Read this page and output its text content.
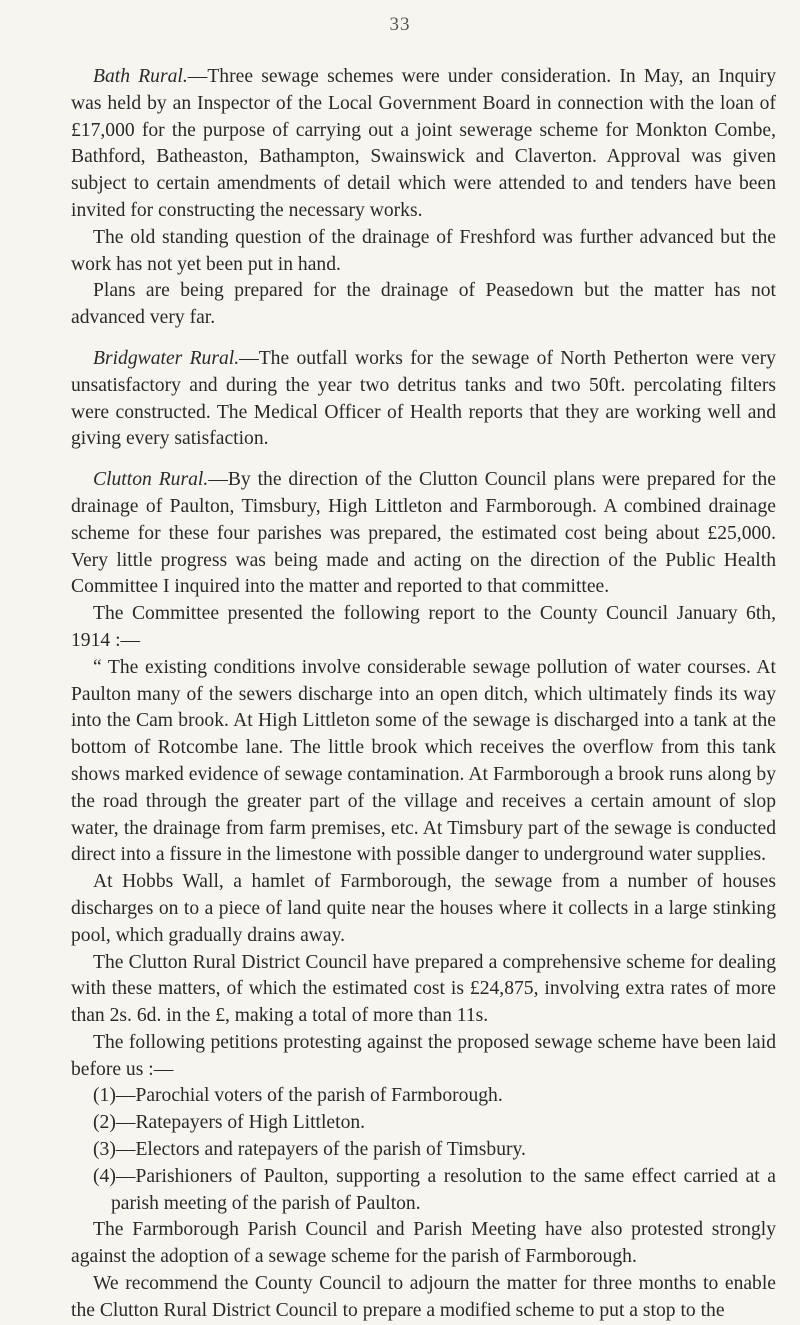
33

Bath Rural.—Three sewage schemes were under consideration. In May, an Inquiry was held by an Inspector of the Local Government Board in connection with the loan of £17,000 for the purpose of carrying out a joint sewerage scheme for Monkton Combe, Bathford, Batheaston, Bathampton, Swainswick and Claverton. Approval was given subject to certain amendments of detail which were attended to and tenders have been invited for constructing the necessary works.

The old standing question of the drainage of Freshford was further advanced but the work has not yet been put in hand.

Plans are being prepared for the drainage of Peasedown but the matter has not advanced very far.

Bridgwater Rural.—The outfall works for the sewage of North Petherton were very unsatisfactory and during the year two detritus tanks and two 50ft. percolating filters were constructed. The Medical Officer of Health reports that they are working well and giving every satisfaction.

Clutton Rural.—By the direction of the Clutton Council plans were prepared for the drainage of Paulton, Timsbury, High Littleton and Farmborough. A combined drainage scheme for these four parishes was prepared, the estimated cost being about £25,000. Very little progress was being made and acting on the direction of the Public Health Committee I inquired into the matter and reported to that committee.

The Committee presented the following report to the County Council January 6th, 1914 :—

“ The existing conditions involve considerable sewage pollution of water courses. At Paulton many of the sewers discharge into an open ditch, which ultimately finds its way into the Cam brook. At High Littleton some of the sewage is discharged into a tank at the bottom of Rotcombe lane. The little brook which receives the overflow from this tank shows marked evidence of sewage contamination. At Farmborough a brook runs along by the road through the greater part of the village and receives a certain amount of slop water, the drainage from farm premises, etc. At Timsbury part of the sewage is conducted direct into a fissure in the limestone with possible danger to underground water supplies.

At Hobbs Wall, a hamlet of Farmborough, the sewage from a number of houses discharges on to a piece of land quite near the houses where it collects in a large stinking pool, which gradually drains away.

The Clutton Rural District Council have prepared a comprehensive scheme for dealing with these matters, of which the estimated cost is £24,875, involving extra rates of more than 2s. 6d. in the £, making a total of more than 11s.

The following petitions protesting against the proposed sewage scheme have been laid before us :—

(1)—Parochial voters of the parish of Farmborough.

(2)—Ratepayers of High Littleton.

(3)—Electors and ratepayers of the parish of Timsbury.

(4)—Parishioners of Paulton, supporting a resolution to the same effect carried at a parish meeting of the parish of Paulton.

The Farmborough Parish Council and Parish Meeting have also protested strongly against the adoption of a sewage scheme for the parish of Farmborough.

We recommend the County Council to adjourn the matter for three months to enable the Clutton Rural District Council to prepare a modified scheme to put a stop to the
